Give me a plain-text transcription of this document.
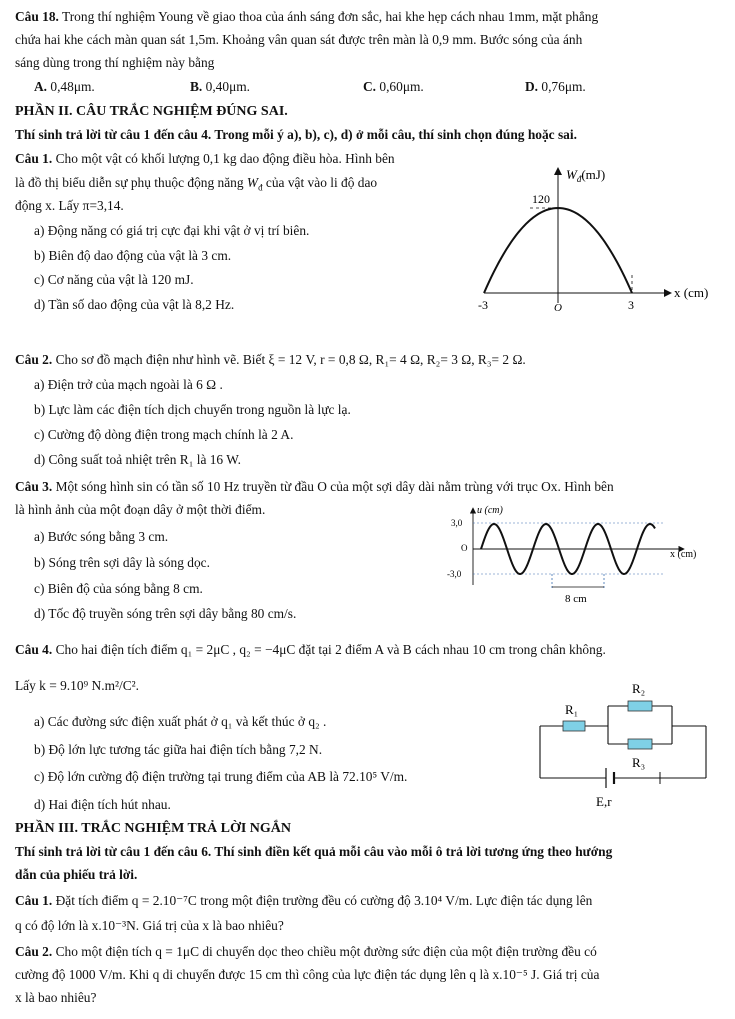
Câu 18. Trong thí nghiệm Young về giao thoa của ánh sáng đơn sắc, hai khe hẹp cách nhau 1mm, mặt phẳng
chứa hai khe cách màn quan sát 1,5m. Khoảng vân quan sát được trên màn là 0,9 mm. Bước sóng của ánh
sáng dùng trong thí nghiệm này bằng
A. 0,48μm.	B. 0,40μm.	C. 0,60μm.	D. 0,76μm.
PHẦN II. CÂU TRẮC NGHIỆM ĐÚNG SAI.
Thí sinh trả lời từ câu 1 đến câu 4. Trong mỗi ý a), b), c), d) ở mỗi câu, thí sinh chọn đúng hoặc sai.
Câu 1. Cho một vật có khối lượng 0,1 kg dao động điều hòa. Hình bên
là đồ thị biểu diễn sự phụ thuộc động năng $W_đ$ của vật vào li độ dao
động x. Lấy π=3,14.
a) Động năng có giá trị cực đại khi vật ở vị trí biên.
b) Biên độ dao động của vật là 3 cm.
c) Cơ năng của vật là 120 mJ.
d) Tần số dao động của vật là 8,2 Hz.
$W_đ(mJ)$
120
x (cm)
-3	O	3
Câu 2. Cho sơ đồ mạch điện như hình vẽ. Biết ξ = 12 V, r = 0,8 Ω, R₁= 4 Ω, R₂= 3 Ω, R₃= 2 Ω.
a) Điện trở của mạch ngoài là 6 Ω .
b) Lực làm các điện tích dịch chuyển trong nguồn là lực lạ.
c) Cường độ dòng điện trong mạch chính là 2 A.
d) Công suất toả nhiệt trên R₁ là 16 W.
Câu 3. Một sóng hình sin có tần số 10 Hz truyền từ đầu O của một sợi dây dài nằm trùng với trục Ox. Hình bên
là hình ảnh của một đoạn dây ở một thời điểm.
a) Bước sóng bằng 3 cm.
b) Sóng trên sợi dây là sóng dọc.
c) Biên độ của sóng bằng 8 cm.
d) Tốc độ truyền sóng trên sợi dây bằng 80 cm/s.
u (cm)
x (cm)
3,0
O
-3,0
8 cm
Câu 4. Cho hai điện tích điểm q₁ = 2μC , q₂ = −4μC đặt tại 2 điểm A và B cách nhau 10 cm trong chân không.
Lấy k = 9.10⁹ N.m²/C².
a) Các đường sức điện xuất phát ở q₁ và kết thúc ở q₂ .
b) Độ lớn lực tương tác giữa hai điện tích bằng 7,2 N.
c) Độ lớn cường độ điện trường tại trung điểm của AB là 72.10⁵ V/m.
d) Hai điện tích hút nhau.
R₁
R₂
R₃
E,r
PHẦN III. TRẮC NGHIỆM TRẢ LỜI NGẮN
Thí sinh trả lời từ câu 1 đến câu 6. Thí sinh điền kết quả mỗi câu vào mỗi ô trả lời tương ứng theo hướng
dẫn của phiếu trả lời.
Câu 1. Đặt tích điểm q = 2.10⁻⁷C trong một điện trường đều có cường độ 3.10⁴ V/m. Lực điện tác dụng lên
q có độ lớn là x.10⁻³N. Giá trị của x là bao nhiêu?
Câu 2. Cho một điện tích q = 1μC di chuyển dọc theo chiều một đường sức điện của một điện trường đều có
cường độ 1000 V/m. Khi q di chuyển được 15 cm thì công của lực điện tác dụng lên q là x.10⁻⁵ J. Giá trị của
x là bao nhiêu?
